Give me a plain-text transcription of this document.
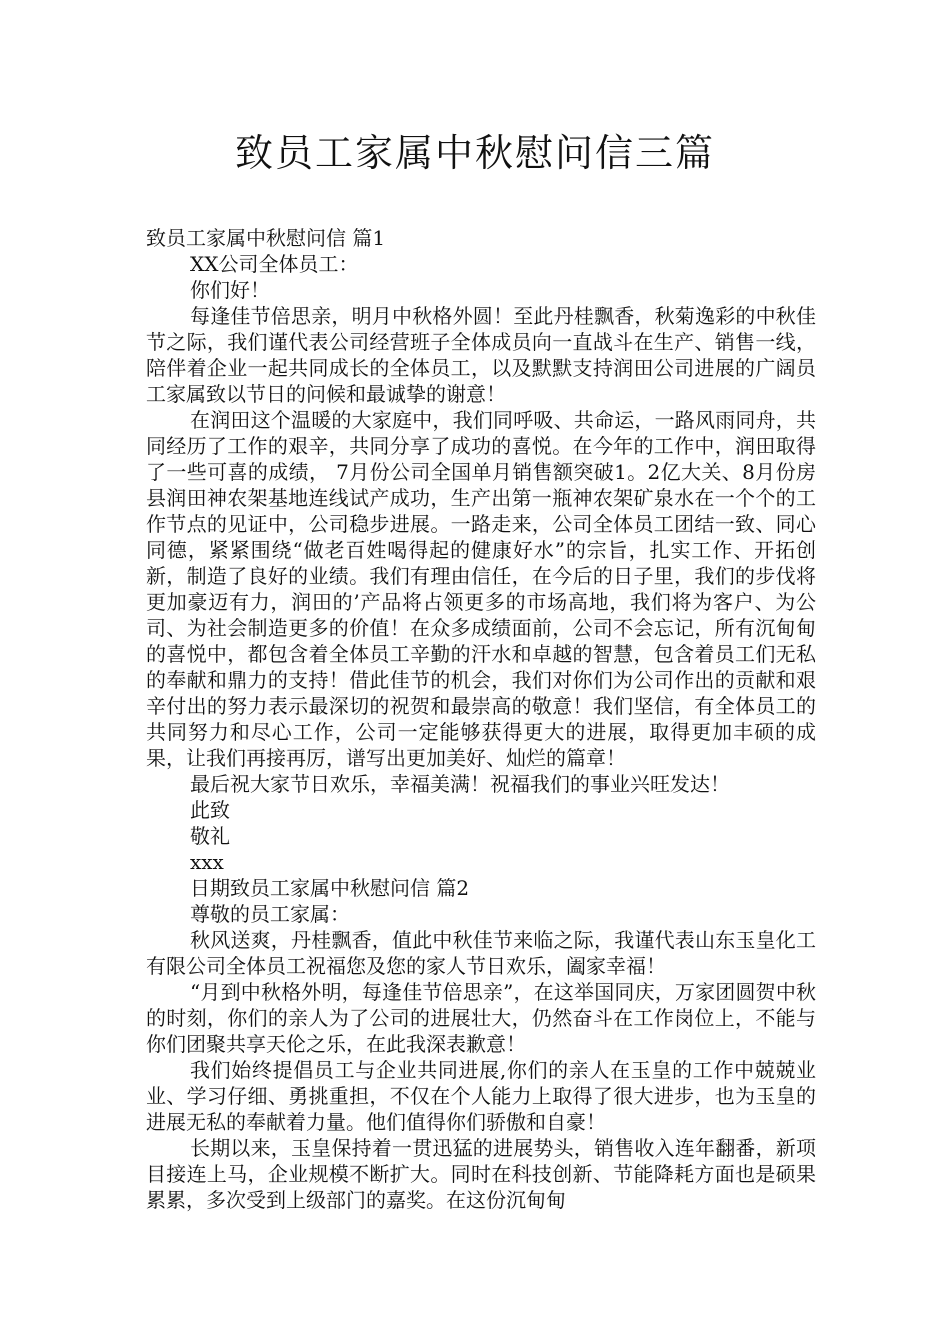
致员工家属中秋慰问信三篇

致员工家属中秋慰问信 篇1

XX公司全体员工：

你们好！

每逢佳节倍思亲，明月中秋格外圆！至此丹桂飘香，秋菊逸彩的中秋佳节之际，我们谨代表公司经营班子全体成员向一直战斗在生产、销售一线，陪伴着企业一起共同成长的全体员工，以及默默支持润田公司进展的广阔员工家属致以节日的问候和最诚挚的谢意！

在润田这个温暖的大家庭中，我们同呼吸、共命运，一路风雨同舟，共同经历了工作的艰辛，共同分享了成功的喜悦。在今年的工作中，润田取得了一些可喜的成绩， 7月份公司全国单月销售额突破1。2亿大关、8月份房县润田神农架基地连线试产成功，生产出第一瓶神农架矿泉水在一个个的工作节点的见证中，公司稳步进展。一路走来，公司全体员工团结一致、同心同德，紧紧围绕“做老百姓喝得起的健康好水”的宗旨，扎实工作、开拓创新，制造了良好的业绩。我们有理由信任，在今后的日子里，我们的步伐将更加豪迈有力，润田的’产品将占领更多的市场高地，我们将为客户、为公司、为社会制造更多的价值！在众多成绩面前，公司不会忘记，所有沉甸甸的喜悦中，都包含着全体员工辛勤的汗水和卓越的智慧，包含着员工们无私的奉献和鼎力的支持！借此佳节的机会，我们对你们为公司作出的贡献和艰辛付出的努力表示最深切的祝贺和最崇高的敬意！我们坚信，有全体员工的共同努力和尽心工作，公司一定能够获得更大的进展，取得更加丰硕的成果，让我们再接再厉，谱写出更加美好、灿烂的篇章！

最后祝大家节日欢乐，幸福美满！祝福我们的事业兴旺发达！

此致

敬礼

xxx

日期致员工家属中秋慰问信 篇2

尊敬的员工家属：

秋风送爽，丹桂飘香，值此中秋佳节来临之际，我谨代表山东玉皇化工有限公司全体员工祝福您及您的家人节日欢乐，阖家幸福！

“月到中秋格外明，每逢佳节倍思亲”，在这举国同庆，万家团圆贺中秋的时刻，你们的亲人为了公司的进展壮大，仍然奋斗在工作岗位上，不能与你们团聚共享天伦之乐，在此我深表歉意！

我们始终提倡员工与企业共同进展,你们的亲人在玉皇的工作中兢兢业业、学习仔细、勇挑重担，不仅在个人能力上取得了很大进步，也为玉皇的进展无私的奉献着力量。他们值得你们骄傲和自豪！

长期以来，玉皇保持着一贯迅猛的进展势头，销售收入连年翻番，新项目接连上马，企业规模不断扩大。同时在科技创新、节能降耗方面也是硕果累累，多次受到上级部门的嘉奖。在这份沉甸甸
